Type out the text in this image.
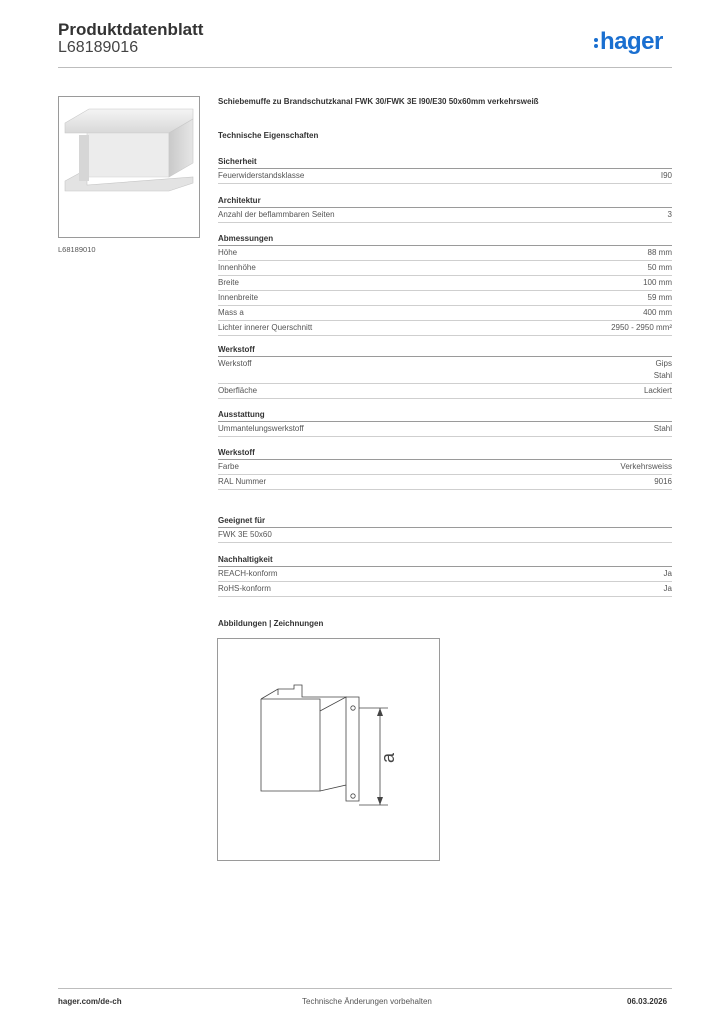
Produktdatenblatt
L68189016	hager
L68189010
Schiebemuffe zu Brandschutzkanal FWK 30/FWK 3E I90/E30 50x60mm verkehrsweiß
Technische Eigenschaften
Sicherheit
Feuerwiderstandsklasse	I90
Architektur
Anzahl der beflammbaren Seiten	3
Abmessungen
Höhe	88 mm
Innenhöhe	50 mm
Breite	100 mm
Innenbreite	59 mm
Mass a	400 mm
Lichter innerer Querschnitt	2950 - 2950 mm²
Werkstoff
Werkstoff	Gips
Stahl
Oberfläche	Lackiert
Ausstattung
Ummantelungswerkstoff	Stahl
Werkstoff
Farbe	Verkehrsweiss
RAL Nummer	9016
Geeignet für
FWK 3E 50x60
Nachhaltigkeit
REACH-konform	Ja
RoHS-konform	Ja
Abbildungen | Zeichnungen
a
hager.com/de-ch	Technische Änderungen vorbehalten	06.03.2026
